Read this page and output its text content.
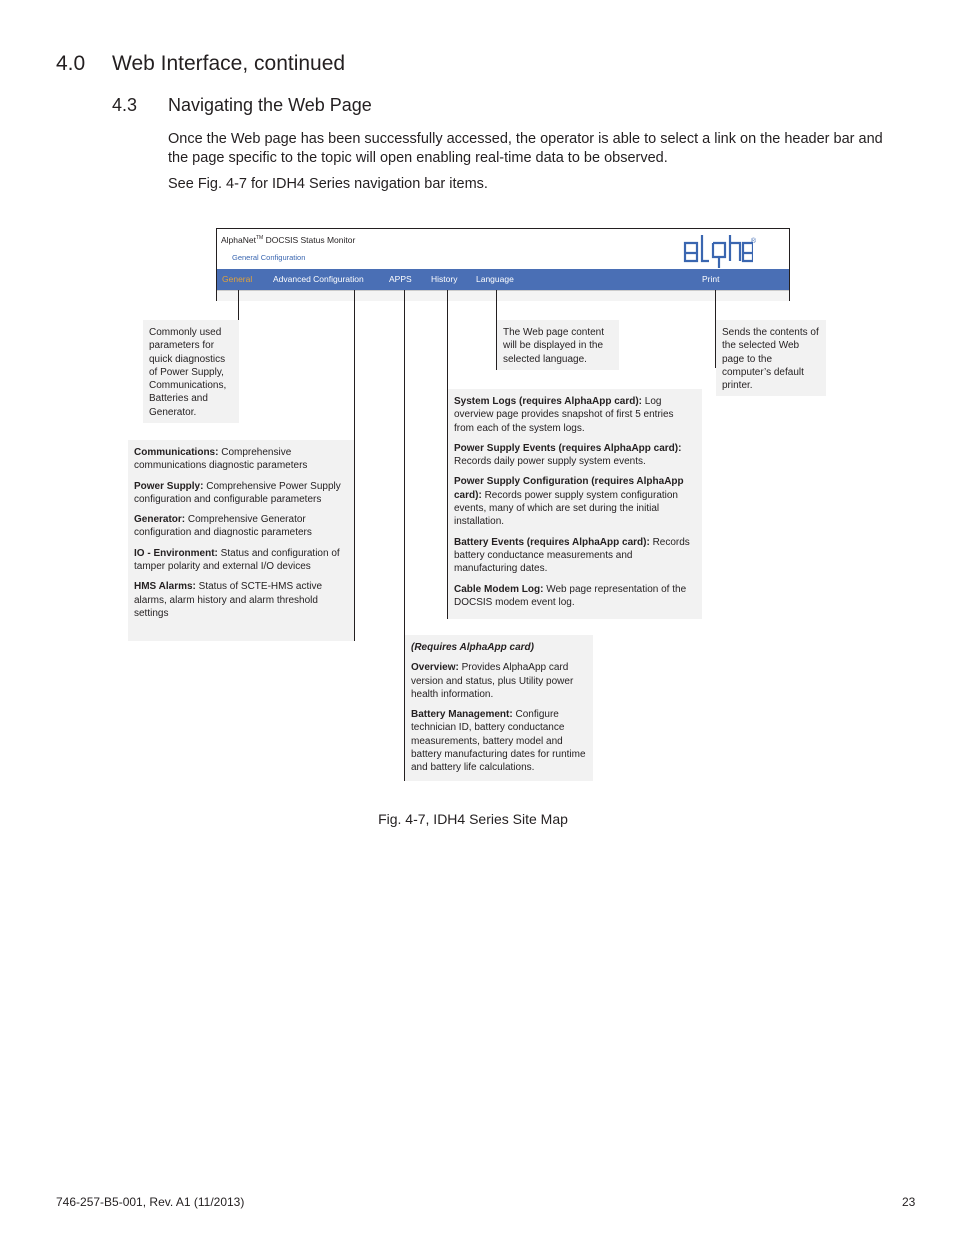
4.0 Web Interface, continued
4.3 Navigating the Web Page
Once the Web page has been successfully accessed, the operator is able to select a link on the header bar and the page specific to the topic will open enabling real-time data to be observed.
See Fig. 4-7 for IDH4 Series navigation bar items.
AlphaNet™ DOCSIS Status Monitor
General Configuration
®
General Advanced Configuration	APPS History Language	Print

Commonly used parameters for quick diagnostics of Power Supply, Communications, Batteries and Generator.

The Web page content will be displayed in the selected language.

Sends the contents of the selected Web page to the computer’s default printer.

Communications: Comprehensive communications diagnostic parameters

Power Supply: Comprehensive Power Supply configuration and configurable parameters

Generator: Comprehensive Generator configuration and diagnostic parameters

IO - Environment: Status and configuration of tamper polarity and external I/O devices

HMS Alarms: Status of SCTE-HMS active alarms, alarm history and alarm threshold settings

System Logs (requires AlphaApp card): Log overview page provides snapshot of first 5 entries from each of the system logs.

Power Supply Events (requires AlphaApp card): Records daily power supply system events.

Power Supply Configuration (requires AlphaApp card): Records power supply system configuration events, many of which are set during the initial installation.

Battery Events (requires AlphaApp card): Records battery conductance measurements and manufacturing dates.

Cable Modem Log: Web page representation of the DOCSIS modem event log.

(Requires AlphaApp card)

Overview: Provides AlphaApp card version and status, plus Utility power health information.

Battery Management: Configure technician ID, battery conductance measurements, battery model and battery manufacturing dates for runtime and battery life calculations.

Fig. 4-7, IDH4 Series Site Map
746-257-B5-001, Rev. A1 (11/2013)	23
